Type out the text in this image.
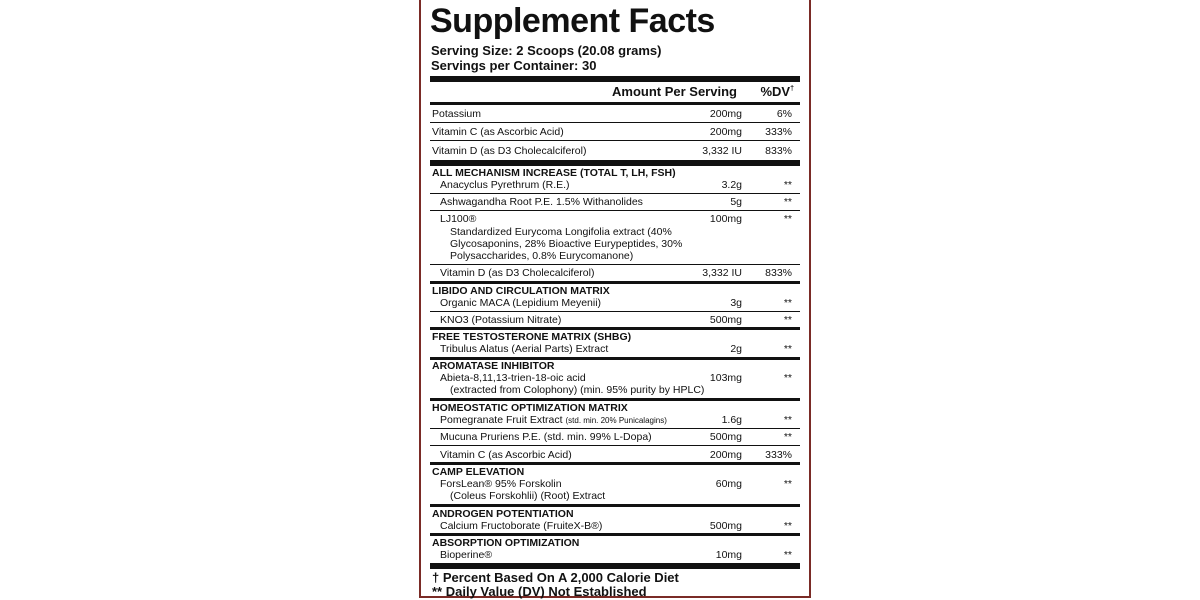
Supplement Facts
Serving Size: 2 Scoops (20.08 grams)
Servings per Container: 30
Amount Per Serving %DV†
Potassium	200mg	6%
Vitamin C (as Ascorbic Acid)	200mg 333%
Vitamin D (as D3 Cholecalciferol)	3,332 IU 833%
ALL MECHANISM INCREASE (TOTAL T, LH, FSH)
Anacyclus Pyrethrum (R.E.)	3.2g	**
Ashwagandha Root P.E. 1.5% Withanolides	5g	**
LJ100®	100mg	**
Standardized Eurycoma Longifolia extract (40%
Glycosaponins, 28% Bioactive Eurypeptides, 30%
Polysaccharides, 0.8% Eurycomanone)
Vitamin D (as D3 Cholecalciferol)	3,332 IU 833%
LIBIDO AND CIRCULATION MATRIX
Organic MACA (Lepidium Meyenii)	3g	**
KNO3 (Potassium Nitrate)	500mg	**
FREE TESTOSTERONE MATRIX (SHBG)
Tribulus Alatus (Aerial Parts) Extract	2g	**
AROMATASE INHIBITOR
Abieta-8,11,13-trien-18-oic acid	103mg	**
(extracted from Colophony) (min. 95% purity by HPLC)
HOMEOSTATIC OPTIMIZATION MATRIX
Pomegranate Fruit Extract (std. min. 20% Punicalagins)	1.6g	**
Mucuna Pruriens P.E. (std. min. 99% L-Dopa)	500mg	**
Vitamin C (as Ascorbic Acid)	200mg 333%
CAMP ELEVATION
ForsLean® 95% Forskolin	60mg	**
(Coleus Forskohlii) (Root) Extract
ANDROGEN POTENTIATION
Calcium Fructoborate (FruiteX-B®)	500mg	**
ABSORPTION OPTIMIZATION
Bioperine®	10mg	**
† Percent Based On A 2,000 Calorie Diet
** Daily Value (DV) Not Established
